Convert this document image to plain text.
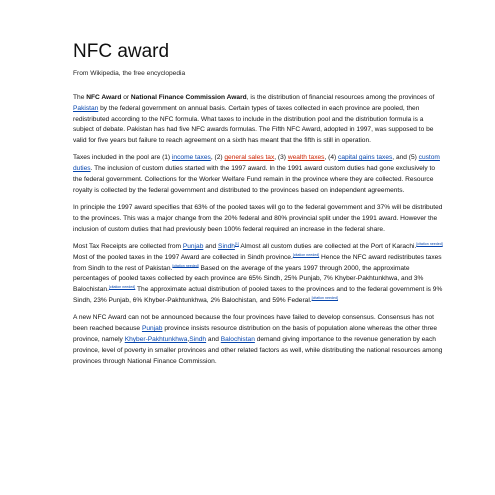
NFC award
From Wikipedia, the free encyclopedia

The NFC Award or National Finance Commission Award, is the distribution of financial resources among the provinces of Pakistan by the federal government on annual basis. Certain types of taxes collected in each province are pooled, then redistributed according to the NFC formula. What taxes to include in the distribution pool and the distribution formula is a subject of debate. Pakistan has had five NFC awards formulas. The Fifth NFC Award, adopted in 1997, was supposed to be valid for five years but failure to reach agreement on a sixth has meant that the fifth is still in operation.

Taxes included in the pool are (1) income taxes, (2) general sales tax, (3) wealth taxes, (4) capital gains taxes, and (5) custom duties. The inclusion of custom duties started with the 1997 award. In the 1991 award custom duties had gone exclusively to the federal government. Collections for the Worker Welfare Fund remain in the province where they are collected. Resource royalty is collected by the federal government and distributed to the provinces based on independent agreements.

In principle the 1997 award specifies that 63% of the pooled taxes will go to the federal government and 37% will be distributed to the provinces. This was a major change from the 20% federal and 80% provincial split under the 1991 award. However the inclusion of custom duties that had previously been 100% federal required an increase in the federal share.

Most Tax Receipts are collected from Punjab and Sindh[1] Almost all custom duties are collected at the Port of Karachi.[citation needed] Most of the pooled taxes in the 1997 Award are collected in Sindh province.[citation needed] Hence the NFC award redistributes taxes from Sindh to the rest of Pakistan.[citation needed] Based on the average of the years 1997 through 2000, the approximate percentages of pooled taxes collected by each province are 65% Sindh, 25% Punjab, 7% Khyber-Pakhtunkhwa, and 3% Balochistan.[citation needed] The approximate actual distribution of pooled taxes to the provinces and to the federal government is 9% Sindh, 23% Punjab, 6% Khyber-Pakhtunkhwa, 2% Balochistan, and 59% Federal.[citation needed]

A new NFC Award can not be announced because the four provinces have failed to develop consensus. Consensus has not been reached because Punjab province insists resource distribution on the basis of population alone whereas the other three province, namely Khyber-Pakhtunkhwa,Sindh and Balochistan demand giving importance to the revenue generation by each province, level of poverty in smaller provinces and other related factors as well, while distributing the national resources among provinces through National Finance Commission.
